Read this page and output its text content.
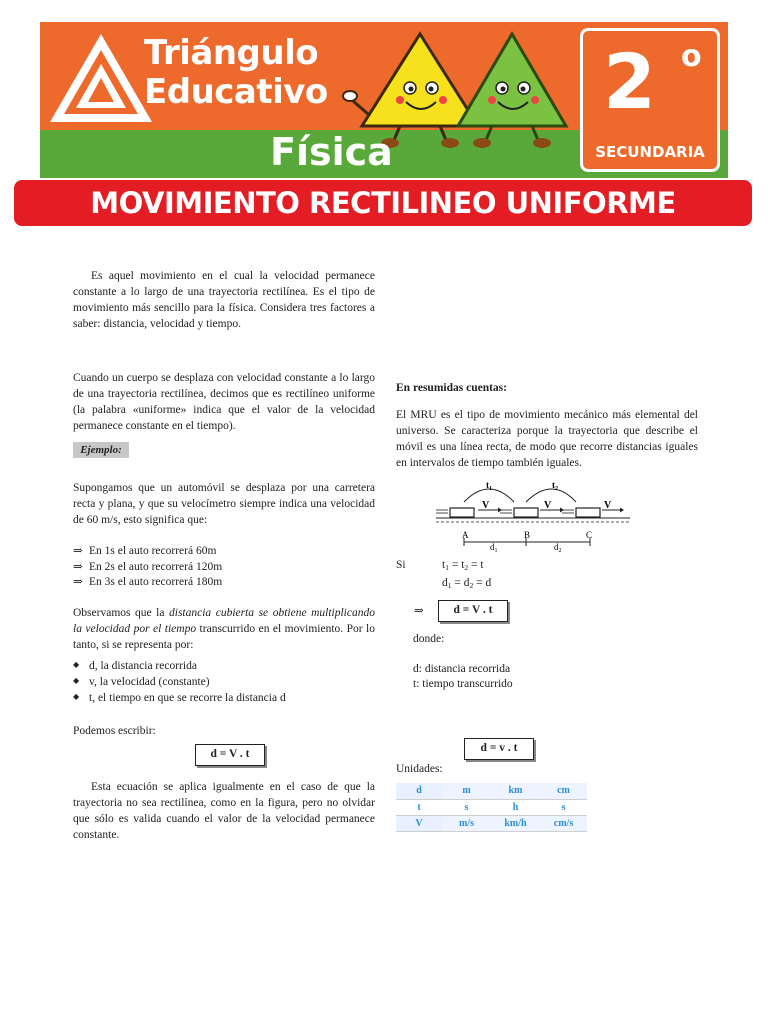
Triángulo
Educativo
Física
2 o
SECUNDARIA
MOVIMIENTO RECTILINEO UNIFORME
Es aquel movimiento en el cual la velocidad permanece constante a lo largo de una trayectoria rectilínea. Es el tipo de movimiento más sencillo para la física. Considera tres factores a saber: distancia, velocidad y tiempo.
Cuando un cuerpo se desplaza con velocidad constante a lo largo de una trayectoria rectilínea, decimos que es rectilíneo uniforme (la palabra «uniforme» indica que el valor de la velocidad permanece constante en el tiempo).
Ejemplo:
Supongamos que un automóvil se desplaza por una carretera recta y plana, y que su velocímetro siempre indica una velocidad de 60 m/s, esto significa que:
⇒ En 1s el auto recorrerá 60m
⇒ En 2s el auto recorrerá 120m
⇒ En 3s el auto recorrerá 180m
Observamos que la distancia cubierta se obtiene multiplicando la velocidad por el tiempo transcurrido en el movimiento. Por lo tanto, si se representa por:
◆ d, la distancia recorrida
◆ v, la velocidad (constante)
◆ t, el tiempo en que se recorre la distancia d
Podemos escribir:
d = V . t
Esta ecuación se aplica igualmente en el caso de que la trayectoria no sea rectilínea, como en la figura, pero no olvidar que sólo es valida cuando el valor de la velocidad permanece constante.
En resumidas cuentas:
El MRU es el tipo de movimiento mecánico más elemental del universo. Se caracteriza porque la trayectoria que describe el móvil es una línea recta, de modo que recorre distancias iguales en intervalos de tiempo también iguales.
$t_1$	$t_2$
V	V	V
A	B	C
$d_1$	$d_2$
Si	$t_1 = t_2 = t$
$d_1 = d_2 = d$
⇒	d = V . t
donde:
d: distancia recorrida
t: tiempo transcurrido
d = v . t
Unidades:
d	m	km	cm
t	s	h	s
V	m/s	km/h	cm/s
